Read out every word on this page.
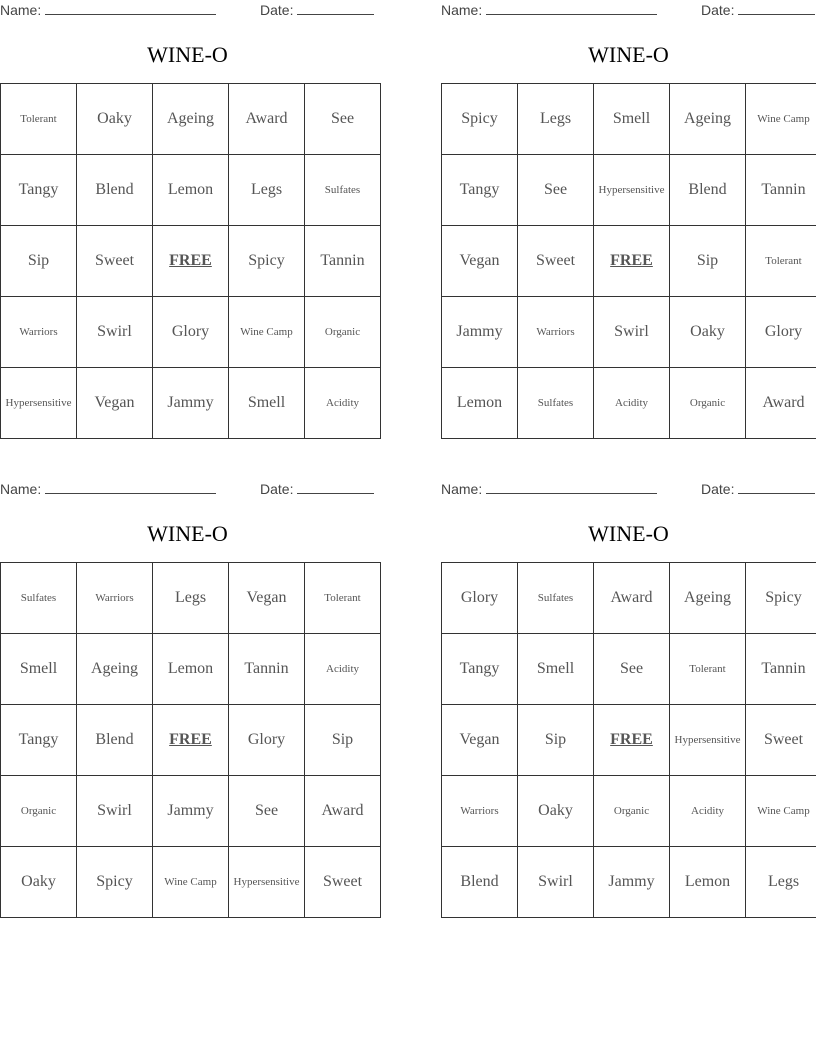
Name:	Date:
WINE-O
Tolerant	Oaky	Ageing	Award	See
Tangy	Blend	Lemon	Legs	Sulfates
Sip	Sweet	FREE	Spicy	Tannin
Warriors	Swirl	Glory	Wine Camp	Organic
Hypersensitive	Vegan	Jammy	Smell	Acidity
Name:	Date:
WINE-O
Spicy	Legs	Smell	Ageing	Wine Camp
Tangy	See	Hypersensitive	Blend	Tannin
Vegan	Sweet	FREE	Sip	Tolerant
Jammy	Warriors	Swirl	Oaky	Glory
Lemon	Sulfates	Acidity	Organic	Award
Name:	Date:
WINE-O
Sulfates	Warriors	Legs	Vegan	Tolerant
Smell	Ageing	Lemon	Tannin	Acidity
Tangy	Blend	FREE	Glory	Sip
Organic	Swirl	Jammy	See	Award
Oaky	Spicy	Wine Camp	Hypersensitive	Sweet
Name:	Date:
WINE-O
Glory	Sulfates	Award	Ageing	Spicy
Tangy	Smell	See	Tolerant	Tannin
Vegan	Sip	FREE	Hypersensitive	Sweet
Warriors	Oaky	Organic	Acidity	Wine Camp
Blend	Swirl	Jammy	Lemon	Legs
